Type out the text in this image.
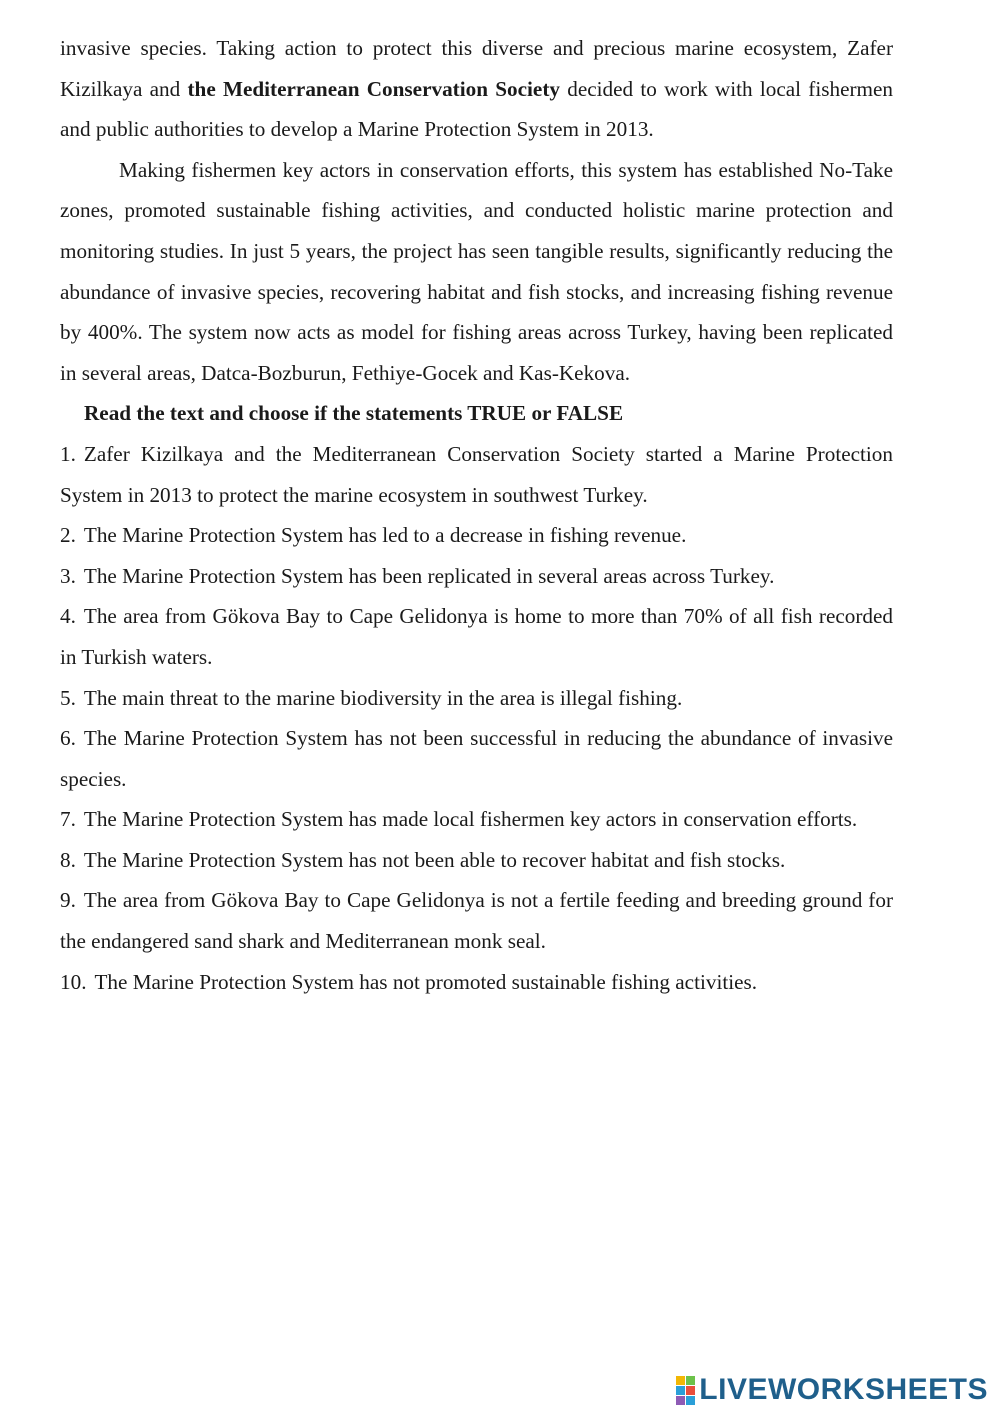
invasive species. Taking action to protect this diverse and precious marine ecosystem, Zafer Kizilkaya and the Mediterranean Conservation Society decided to work with local fishermen and public authorities to develop a Marine Protection System in 2013.

Making fishermen key actors in conservation efforts, this system has established No-Take zones, promoted sustainable fishing activities, and conducted holistic marine protection and monitoring studies. In just 5 years, the project has seen tangible results, significantly reducing the abundance of invasive species, recovering habitat and fish stocks, and increasing fishing revenue by 400%. The system now acts as model for fishing areas across Turkey, having been replicated in several areas, Datca-Bozburun, Fethiye-Gocek and Kas-Kekova.

Read the text and choose if the statements TRUE or FALSE

1. Zafer Kizilkaya and the Mediterranean Conservation Society started a Marine Protection System in 2013 to protect the marine ecosystem in southwest Turkey.
2. The Marine Protection System has led to a decrease in fishing revenue.
3. The Marine Protection System has been replicated in several areas across Turkey.
4. The area from Gökova Bay to Cape Gelidonya is home to more than 70% of all fish recorded in Turkish waters.
5. The main threat to the marine biodiversity in the area is illegal fishing.
6. The Marine Protection System has not been successful in reducing the abundance of invasive species.
7. The Marine Protection System has made local fishermen key actors in conservation efforts.
8. The Marine Protection System has not been able to recover habitat and fish stocks.
9. The area from Gökova Bay to Cape Gelidonya is not a fertile feeding and breeding ground for the endangered sand shark and Mediterranean monk seal.
10. The Marine Protection System has not promoted sustainable fishing activities.
LIVEWORKSHEETS
